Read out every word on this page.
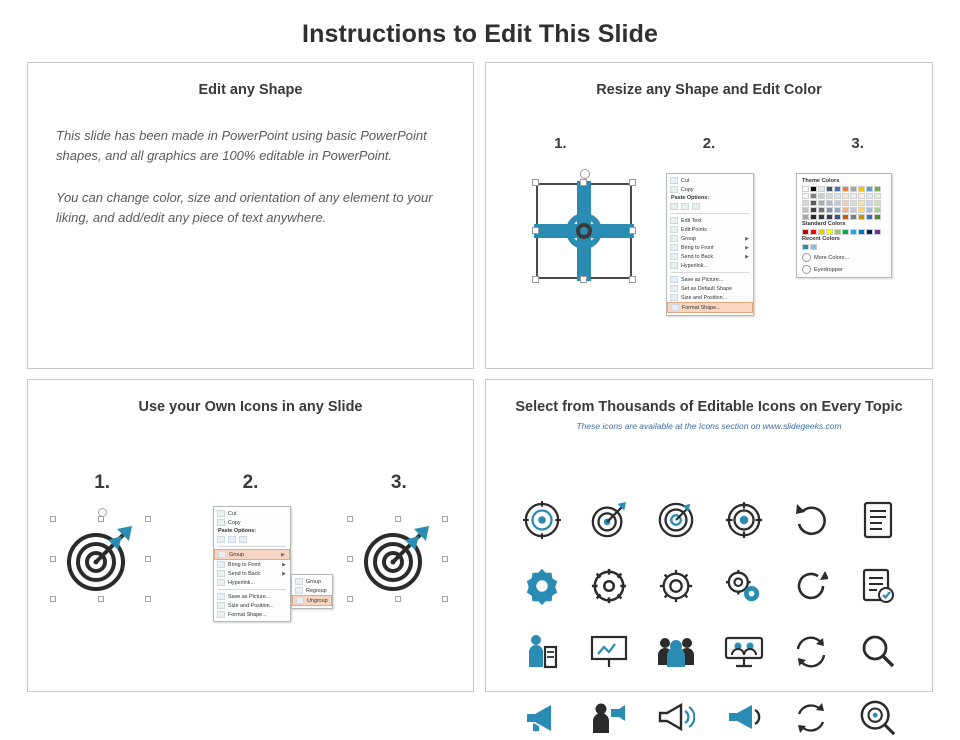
Instructions to Edit This Slide
Edit any Shape
This slide has been made in PowerPoint using basic PowerPoint shapes, and all graphics are 100% editable in PowerPoint.
You can change color, size and orientation of any element to your liking, and add/edit any piece of text anywhere.
Resize any Shape and Edit Color
1.	2.	3.
Cut
Copy
Paste Options:
Edit Text
Edit Points
Group	▶
Bring to Front	▶
Send to Back	▶
Hyperlink...
Save as Picture...
Set as Default Shape
Size and Position...
Format Shape...
Theme Colors
Standard Colors
Recent Colors
More Colors...
Eyedropper
Use your Own Icons in any Slide
1.	2.	3.
Cut
Copy
Paste Options:
Group	▶
Bring to Front	▶
Send to Back	▶
Hyperlink...
Save as Picture...
Size and Position...
Format Shape...
Group
Regroup
Ungroup
Select from Thousands of Editable Icons on Every Topic
These icons are available at the Icons section on www.slidegeeks.com
